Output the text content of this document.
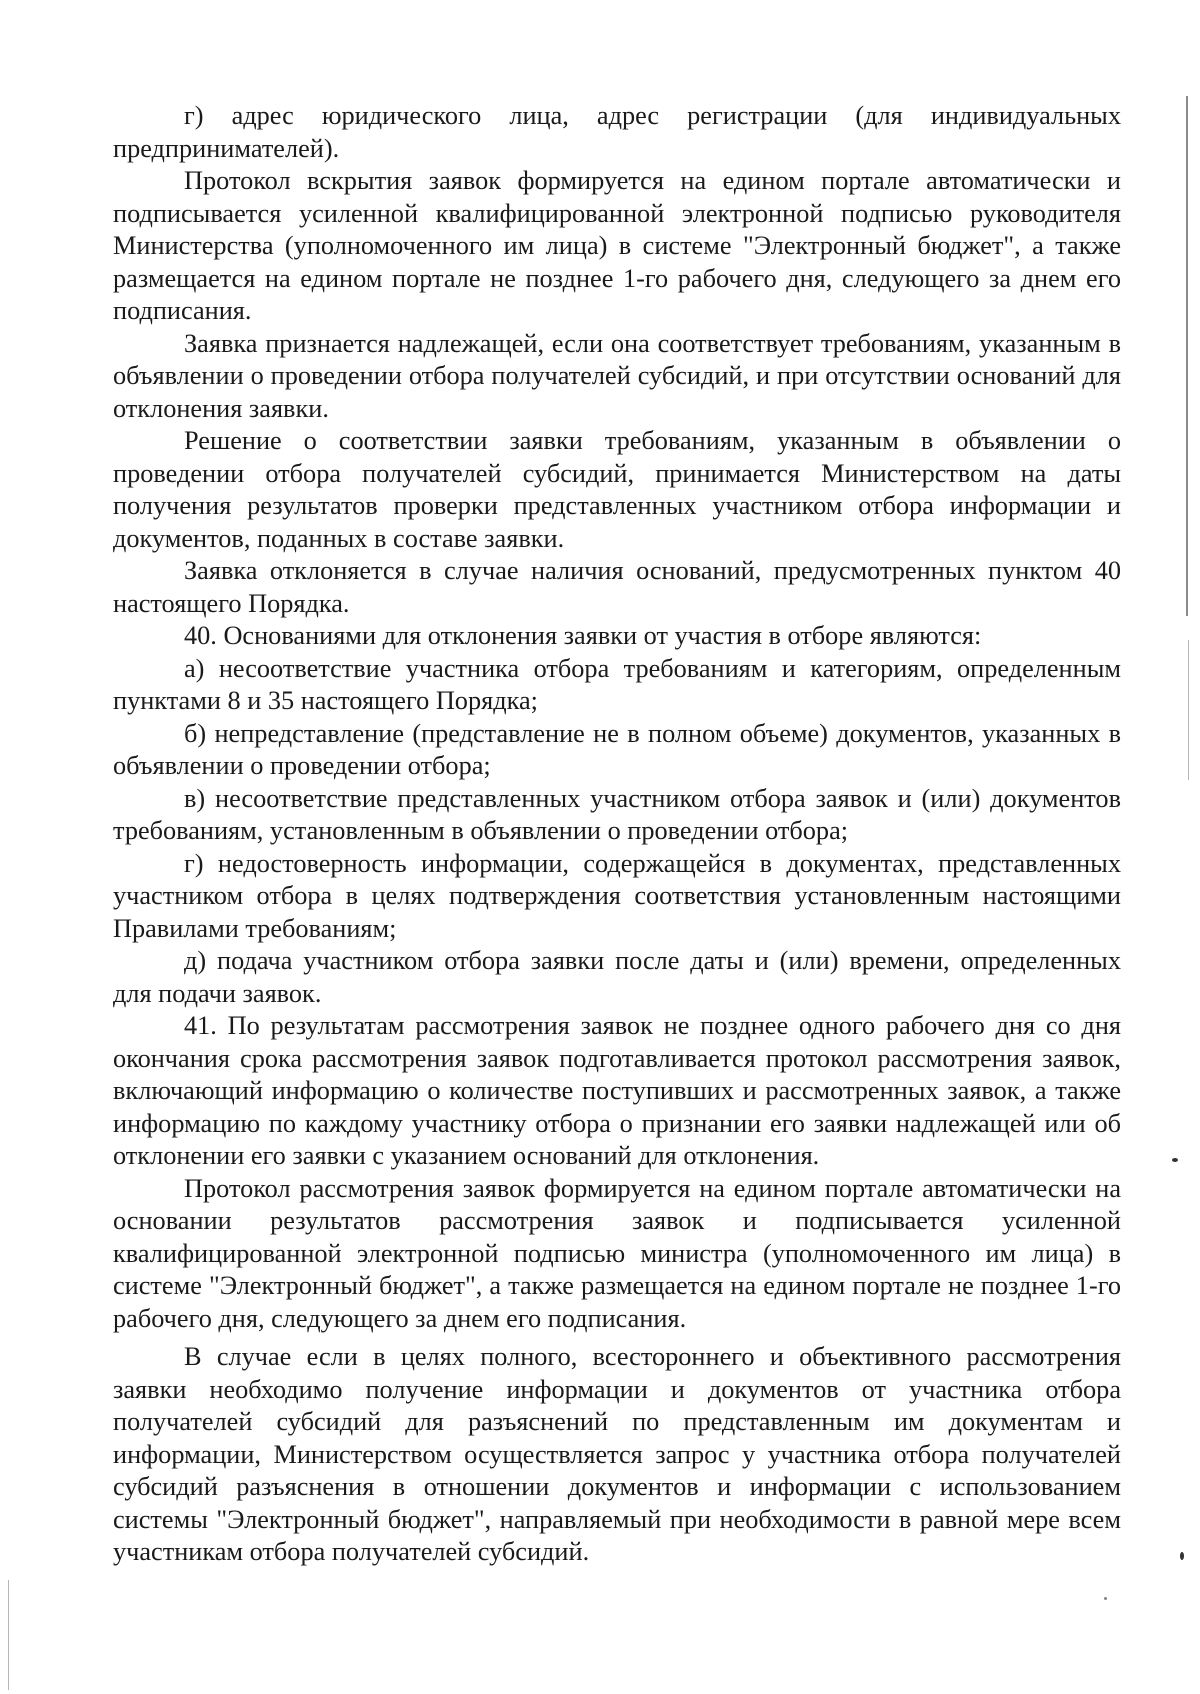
г) адрес юридического лица, адрес регистрации (для индивидуальных предпринимателей).

Протокол вскрытия заявок формируется на едином портале автоматически и подписывается усиленной квалифицированной электронной подписью руководителя Министерства (уполномоченного им лица) в системе "Электронный бюджет", а также размещается на едином портале не позднее 1-го рабочего дня, следующего за днем его подписания.

Заявка признается надлежащей, если она соответствует требованиям, указанным в объявлении о проведении отбора получателей субсидий, и при отсутствии оснований для отклонения заявки.

Решение о соответствии заявки требованиям, указанным в объявлении о проведении отбора получателей субсидий, принимается Министерством на даты получения результатов проверки представленных участником отбора информации и документов, поданных в составе заявки.

Заявка отклоняется в случае наличия оснований, предусмотренных пунктом 40 настоящего Порядка.

40. Основаниями для отклонения заявки от участия в отборе являются:

а) несоответствие участника отбора требованиям и категориям, определенным пунктами 8 и 35 настоящего Порядка;

б) непредставление (представление не в полном объеме) документов, указанных в объявлении о проведении отбора;

в) несоответствие представленных участником отбора заявок и (или) документов требованиям, установленным в объявлении о проведении отбора;

г) недостоверность информации, содержащейся в документах, представленных участником отбора в целях подтверждения соответствия установленным настоящими Правилами требованиям;

д) подача участником отбора заявки после даты и (или) времени, определенных для подачи заявок.

41. По результатам рассмотрения заявок не позднее одного рабочего дня со дня окончания срока рассмотрения заявок подготавливается протокол рассмотрения заявок, включающий информацию о количестве поступивших и рассмотренных заявок, а также информацию по каждому участнику отбора о признании его заявки надлежащей или об отклонении его заявки с указанием оснований для отклонения.

Протокол рассмотрения заявок формируется на едином портале автоматически на основании результатов рассмотрения заявок и подписывается усиленной квалифицированной электронной подписью министра (уполномоченного им лица) в системе "Электронный бюджет", а также размещается на едином портале не позднее 1-го рабочего дня, следующего за днем его подписания.

В случае если в целях полного, всестороннего и объективного рассмотрения заявки необходимо получение информации и документов от участника отбора получателей субсидий для разъяснений по представленным им документам и информации, Министерством осуществляется запрос у участника отбора получателей субсидий разъяснения в отношении документов и информации с использованием системы "Электронный бюджет", направляемый при необходимости в равной мере всем участникам отбора получателей субсидий.
